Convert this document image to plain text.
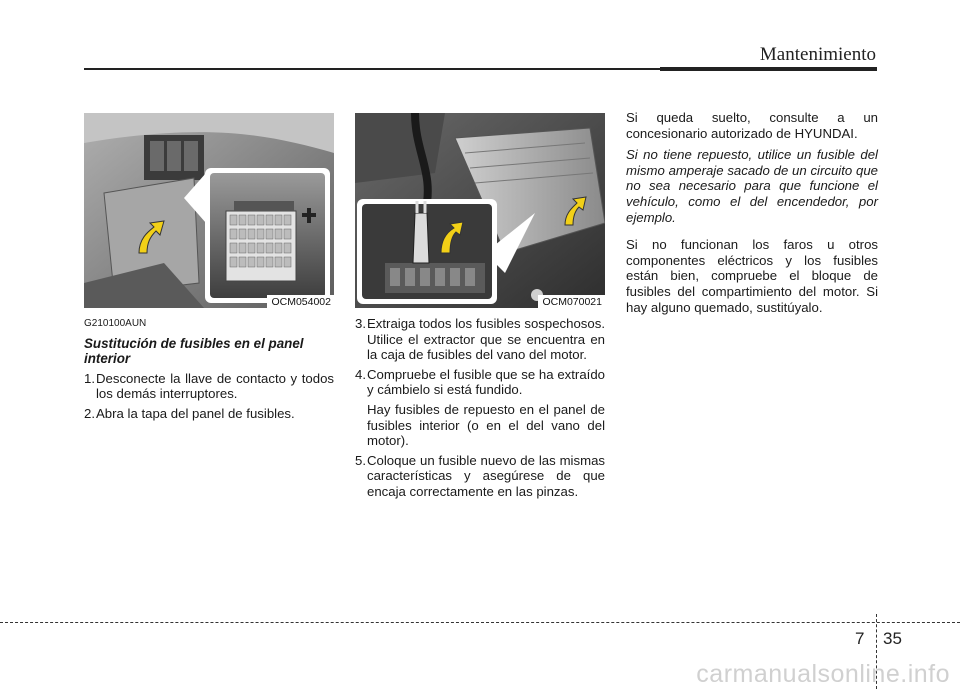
Mantenimiento
OCM054002	OCM070021
G210100AUN
Sustitución de fusibles en el panel interior
1. Desconecte la llave de contacto y todos los demás interruptores.
2. Abra la tapa del panel de fusibles.
3. Extraiga todos los fusibles sospechosos. Utilice el extractor que se encuentra en la caja de fusibles del vano del motor.
4. Compruebe el fusible que se ha extraído y cámbielo si está fundido.
Hay fusibles de repuesto en el panel de fusibles interior (o en el del vano del motor).
5. Coloque un fusible nuevo de las mismas características y asegúrese de que encaja correctamente en las pinzas.
Si queda suelto, consulte a un concesionario autorizado de HYUNDAI.
Si no tiene repuesto, utilice un fusible del mismo amperaje sacado de un circuito que no sea necesario para que funcione el vehículo, como el del encendedor, por ejemplo.
Si no funcionan los faros u otros componentes eléctricos y los fusibles están bien, compruebe el bloque de fusibles del compartimiento del motor. Si hay alguno quemado, sustitúyalo.
7 35
carmanualsonline.info
